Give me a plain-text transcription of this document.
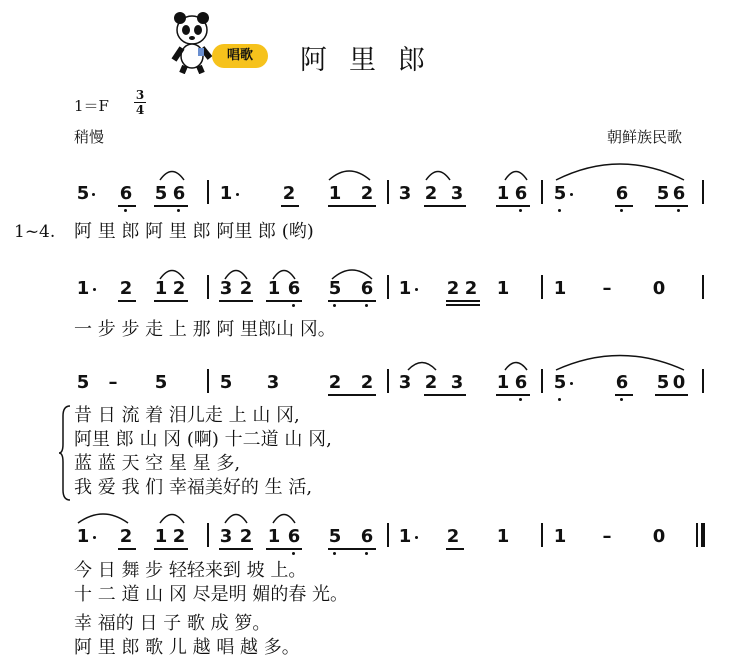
唱歌	阿里郎
1＝F
3
4
稍慢	朝鲜族民歌
5 6 5 6 1	2 1 2 3 2 3 1 6 5	6 5 6
1~4. 阿 里 郎 阿 里 郎 阿里 郎 (哟)
1 2 1 2 3 2 1 6 5 6 1 2 2 1 1 – 0
一 步 步 走 上 那 阿 里郎山 冈。
5 – 5	5 3	2 2 3 2 3 1 6 5	6 5 0
昔 日 流 着 泪儿走 上 山 冈,
阿里 郎 山 冈 (啊) 十二道 山 冈,
蓝 蓝 天 空 星 星 多,
我 爱 我 们 幸福美好的 生 活,
1 2 1 2 3 2 1 6 5 6 1 2 1 1 – 0
今 日 舞 步 轻轻来到 坡 上。
十 二 道 山 冈 尽是明 媚的春 光。
幸 福的 日 子 歌 成 箩。
阿 里 郎 歌 儿 越 唱 越 多。
